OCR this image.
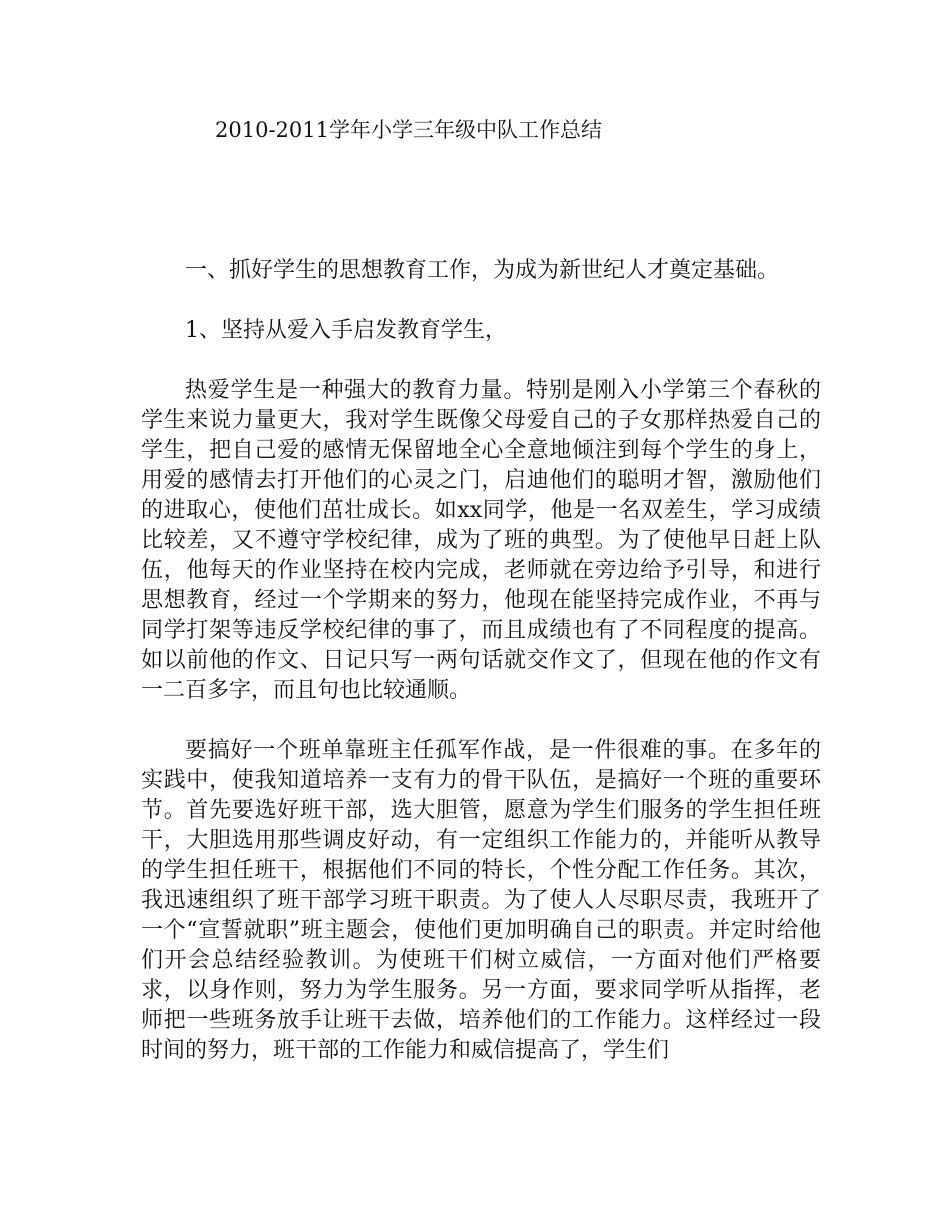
2010-2011学年小学三年级中队工作总结

一、抓好学生的思想教育工作，为成为新世纪人才奠定基础。

1、坚持从爱入手启发教育学生，

热爱学生是一种强大的教育力量。特别是刚入小学第三个春秋的学生来说力量更大，我对学生既像父母爱自己的子女那样热爱自己的学生，把自己爱的感情无保留地全心全意地倾注到每个学生的身上，用爱的感情去打开他们的心灵之门，启迪他们的聪明才智，激励他们的进取心，使他们茁壮成长。如xx同学，他是一名双差生，学习成绩比较差，又不遵守学校纪律，成为了班的典型。为了使他早日赶上队伍，他每天的作业坚持在校内完成，老师就在旁边给予引导，和进行思想教育，经过一个学期来的努力，他现在能坚持完成作业，不再与同学打架等违反学校纪律的事了，而且成绩也有了不同程度的提高。如以前他的作文、日记只写一两句话就交作文了，但现在他的作文有一二百多字，而且句也比较通顺。

要搞好一个班单靠班主任孤军作战，是一件很难的事。在多年的实践中，使我知道培养一支有力的骨干队伍，是搞好一个班的重要环节。首先要选好班干部，选大胆管，愿意为学生们服务的学生担任班干，大胆选用那些调皮好动，有一定组织工作能力的，并能听从教导的学生担任班干，根据他们不同的特长，个性分配工作任务。其次，我迅速组织了班干部学习班干职责。为了使人人尽职尽责，我班开了一个“宣誓就职”班主题会，使他们更加明确自己的职责。并定时给他们开会总结经验教训。为使班干们树立威信，一方面对他们严格要求，以身作则，努力为学生服务。另一方面，要求同学听从指挥，老师把一些班务放手让班干去做，培养他们的工作能力。这样经过一段时间的努力，班干部的工作能力和威信提高了，学生们
